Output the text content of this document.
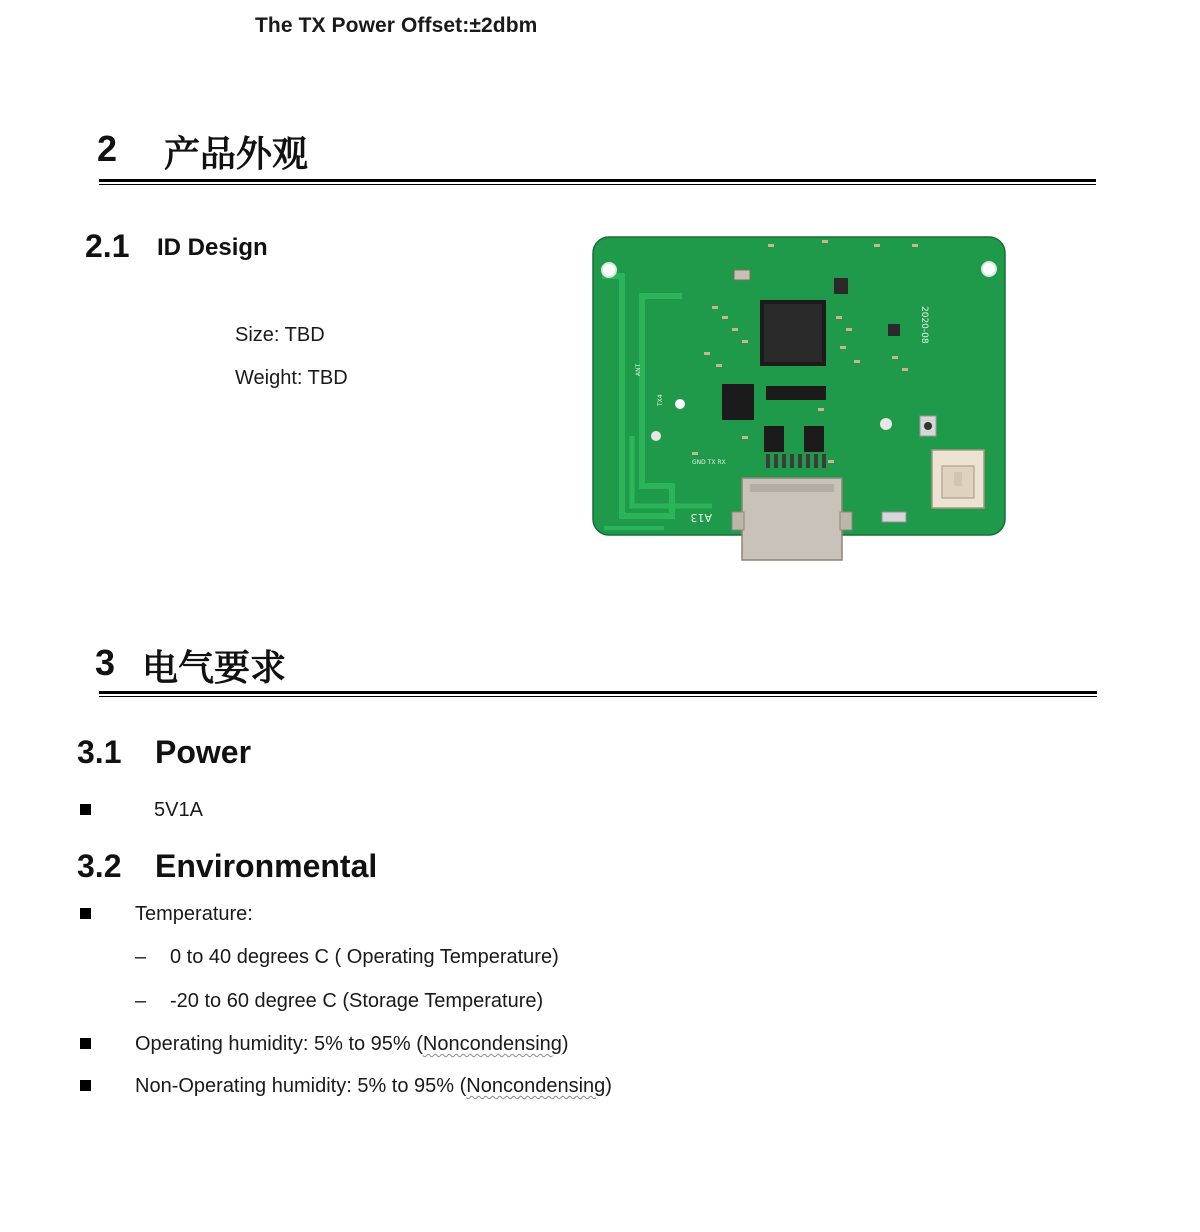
The TX Power Offset:±2dbm
2 产品外观
2.1 ID Design
Size: TBD
Weight: TBD
2020-08
A13
GND TX RX
ANT
TX4
3 电气要求
3.1 Power
5V1A
3.2 Environmental
Temperature:
– 0 to 40 degrees C ( Operating Temperature)
– -20 to 60 degree C (Storage Temperature)
Operating humidity: 5% to 95% (Noncondensing)
Non-Operating humidity: 5% to 95% (Noncondensing)
